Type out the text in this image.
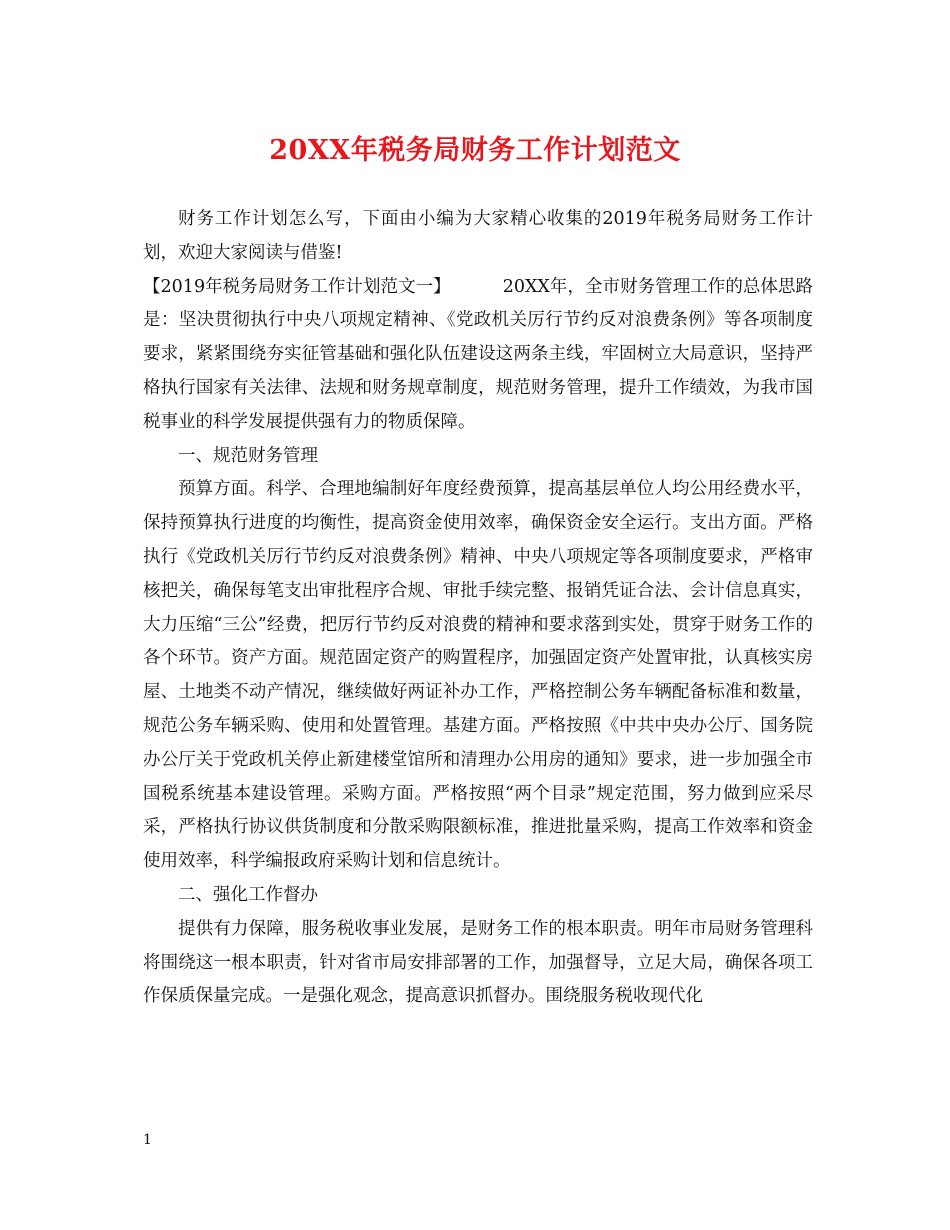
20XX年税务局财务工作计划范文

财务工作计划怎么写，下面由小编为大家精心收集的2019年税务局财务工作计划，欢迎大家阅读与借鉴!

【2019年税务局财务工作计划范文一】	20XX年，全市财务管理工作的总体思路是：坚决贯彻执行中央八项规定精神、《党政机关厉行节约反对浪费条例》等各项制度要求，紧紧围绕夯实征管基础和强化队伍建设这两条主线，牢固树立大局意识，坚持严格执行国家有关法律、法规和财务规章制度，规范财务管理，提升工作绩效，为我市国税事业的科学发展提供强有力的物质保障。

一、规范财务管理

预算方面。科学、合理地编制好年度经费预算，提高基层单位人均公用经费水平，保持预算执行进度的均衡性，提高资金使用效率，确保资金安全运行。支出方面。严格执行《党政机关厉行节约反对浪费条例》精神、中央八项规定等各项制度要求，严格审核把关，确保每笔支出审批程序合规、审批手续完整、报销凭证合法、会计信息真实，大力压缩“三公”经费，把厉行节约反对浪费的精神和要求落到实处，贯穿于财务工作的各个环节。资产方面。规范固定资产的购置程序，加强固定资产处置审批，认真核实房屋、土地类不动产情况，继续做好两证补办工作，严格控制公务车辆配备标准和数量，规范公务车辆采购、使用和处置管理。基建方面。严格按照《中共中央办公厅、国务院办公厅关于党政机关停止新建楼堂馆所和清理办公用房的通知》要求，进一步加强全市国税系统基本建设管理。采购方面。严格按照“两个目录”规定范围，努力做到应采尽采，严格执行协议供货制度和分散采购限额标准，推进批量采购，提高工作效率和资金使用效率，科学编报政府采购计划和信息统计。

二、强化工作督办

提供有力保障，服务税收事业发展，是财务工作的根本职责。明年市局财务管理科将围绕这一根本职责，针对省市局安排部署的工作，加强督导，立足大局，确保各项工作保质保量完成。一是强化观念，提高意识抓督办。围绕服务税收现代化

1
